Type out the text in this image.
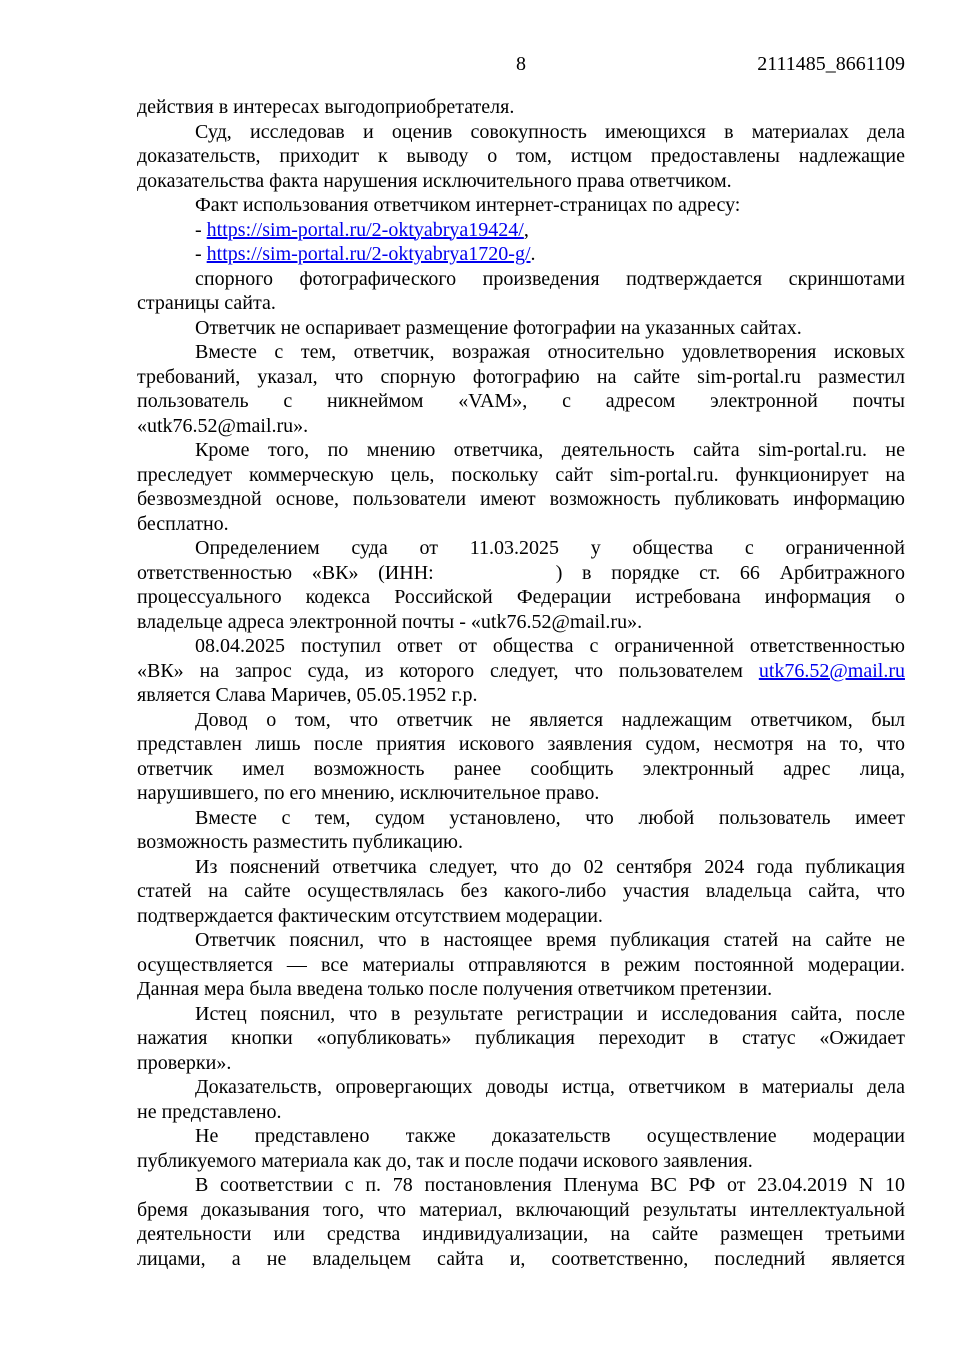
8	2111485_8661109
действия в интересах выгодоприобретателя.
Суд, исследовав и оценив совокупность имеющихся в материалах дела
доказательств, приходит к выводу о том, истцом предоставлены надлежащие
доказательства факта нарушения исключительного права ответчиком.
Факт использования ответчиком интернет-страницах по адресу:
- https://sim-portal.ru/2-oktyabrya19424/,
- https://sim-portal.ru/2-oktyabrya1720-g/.
спорного фотографического произведения подтверждается скриншотами
страницы сайта.
Ответчик не оспаривает размещение фотографии на указанных сайтах.
Вместе с тем, ответчик, возражая относительно удовлетворения исковых
требований, указал, что спорную фотографию на сайте sim-portal.ru разместил
пользователь с никнеймом «VAM», с адресом электронной почты
«utk76.52@mail.ru».
Кроме того, по мнению ответчика, деятельность сайта sim-portal.ru. не
преследует коммерческую цель, поскольку сайт sim-portal.ru. функционирует на
безвозмездной основе, пользователи имеют возможность публиковать информацию
бесплатно.
Определением суда от 11.03.2025 у общества с ограниченной
ответственностью «ВК» (ИНН:	) в порядке ст. 66 Арбитражного
процессуального кодекса Российской Федерации истребована информация о
владельце адреса электронной почты - «utk76.52@mail.ru».
08.04.2025 поступил ответ от общества с ограниченной ответственностью
«ВК» на запрос суда, из которого следует, что пользователем utk76.52@mail.ru
является Слава Маричев, 05.05.1952 г.р.
Довод о том, что ответчик не является надлежащим ответчиком, был
представлен лишь после приятия искового заявления судом, несмотря на то, что
ответчик имел возможность ранее сообщить электронный адрес лица,
нарушившего, по его мнению, исключительное право.
Вместе с тем, судом установлено, что любой пользователь имеет
возможность разместить публикацию.
Из пояснений ответчика следует, что до 02 сентября 2024 года публикация
статей на сайте осуществлялась без какого-либо участия владельца сайта, что
подтверждается фактическим отсутствием модерации.
Ответчик пояснил, что в настоящее время публикация статей на сайте не
осуществляется — все материалы отправляются в режим постоянной модерации.
Данная мера была введена только после получения ответчиком претензии.
Истец пояснил, что в результате регистрации и исследования сайта, после
нажатия кнопки «опубликовать» публикация переходит в статус «Ожидает
проверки».
Доказательств, опровергающих доводы истца, ответчиком в материалы дела
не представлено.
Не представлено также доказательств осуществление модерации
публикуемого материала как до, так и после подачи искового заявления.
В соответствии с п. 78 постановления Пленума ВС РФ от 23.04.2019 N 10
бремя доказывания того, что материал, включающий результаты интеллектуальной
деятельности или средства индивидуализации, на сайте размещен третьими
лицами, а не владельцем сайта и, соответственно, последний является
